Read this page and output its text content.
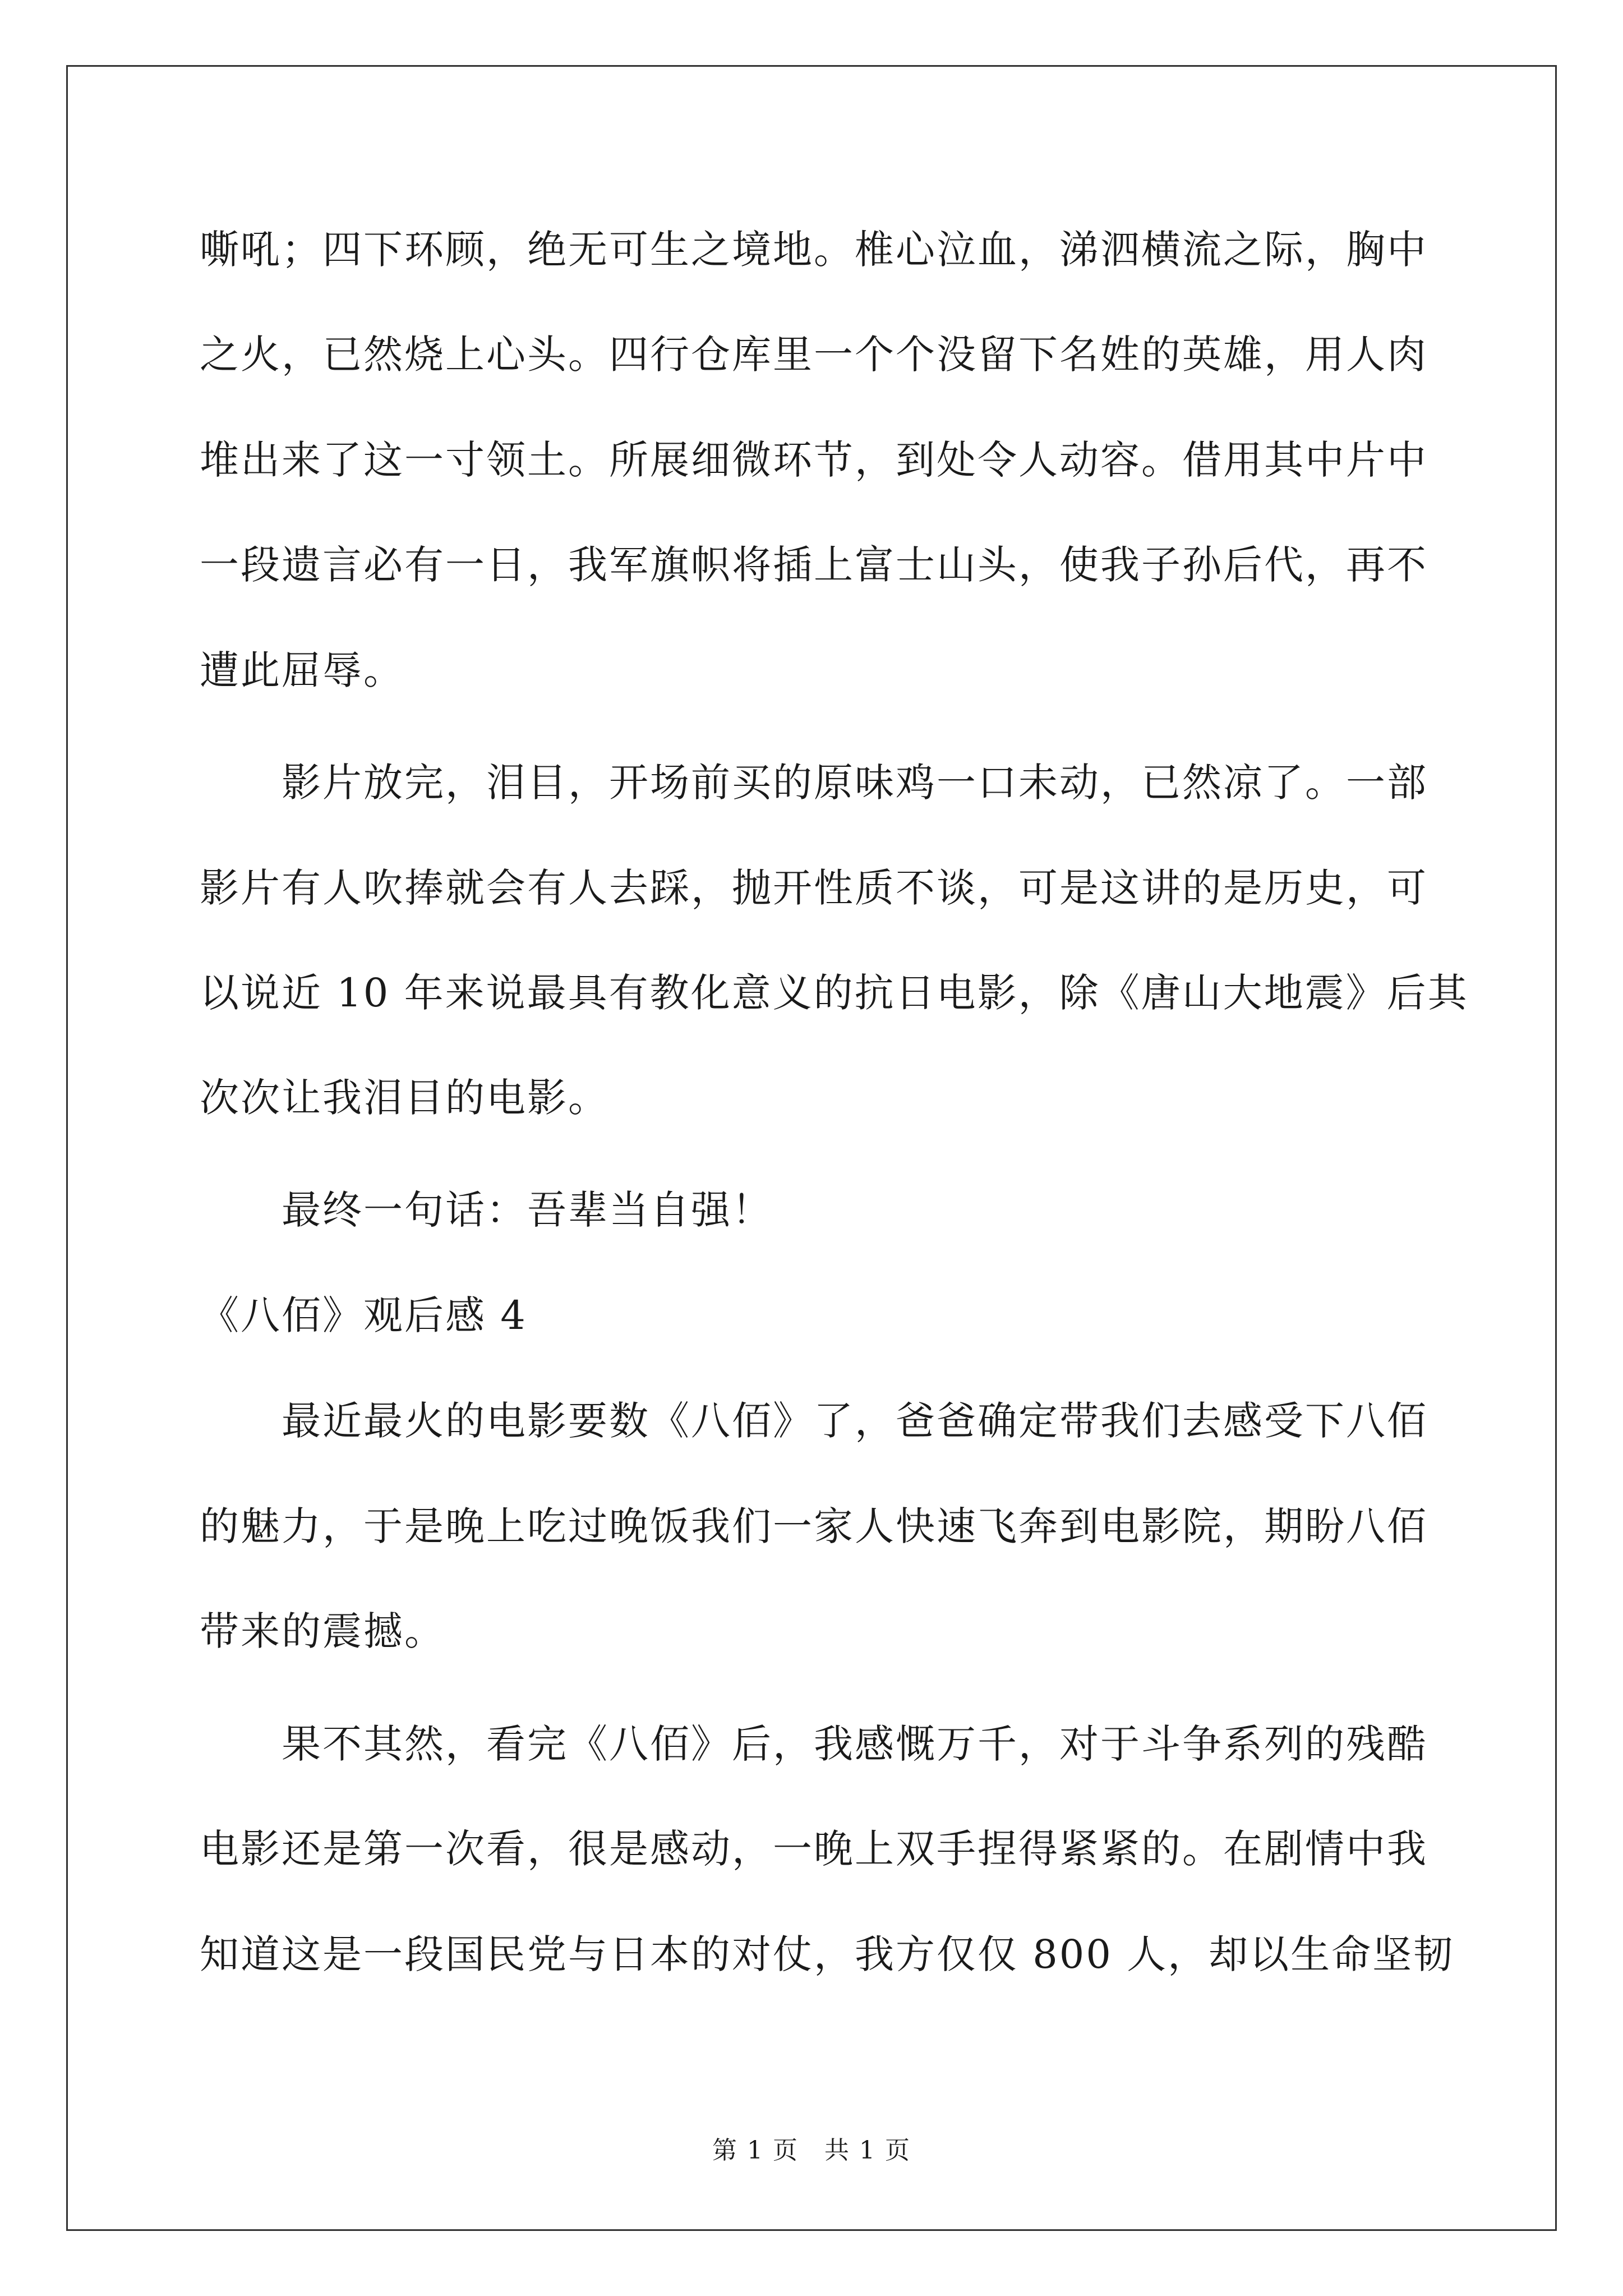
嘶吼；四下环顾，绝无可生之境地。椎心泣血，涕泗横流之际，胸中
之火，已然烧上心头。四行仓库里一个个没留下名姓的英雄，用人肉
堆出来了这一寸领土。所展细微环节，到处令人动容。借用其中片中
一段遗言必有一日，我军旗帜将插上富士山头，使我子孙后代，再不
遭此屈辱。
　　影片放完，泪目，开场前买的原味鸡一口未动，已然凉了。一部
影片有人吹捧就会有人去踩，抛开性质不谈，可是这讲的是历史，可
以说近 10 年来说最具有教化意义的抗日电影，除《唐山大地震》后其
次次让我泪目的电影。
　　最终一句话：吾辈当自强！
《八佰》观后感 4
　　最近最火的电影要数《八佰》了，爸爸确定带我们去感受下八佰
的魅力，于是晚上吃过晚饭我们一家人快速飞奔到电影院，期盼八佰
带来的震撼。
　　果不其然，看完《八佰》后，我感慨万千，对于斗争系列的残酷
电影还是第一次看，很是感动，一晚上双手捏得紧紧的。在剧情中我
知道这是一段国民党与日本的对仗，我方仅仅 800 人，却以生命坚韧
第 1 页　共 1 页
